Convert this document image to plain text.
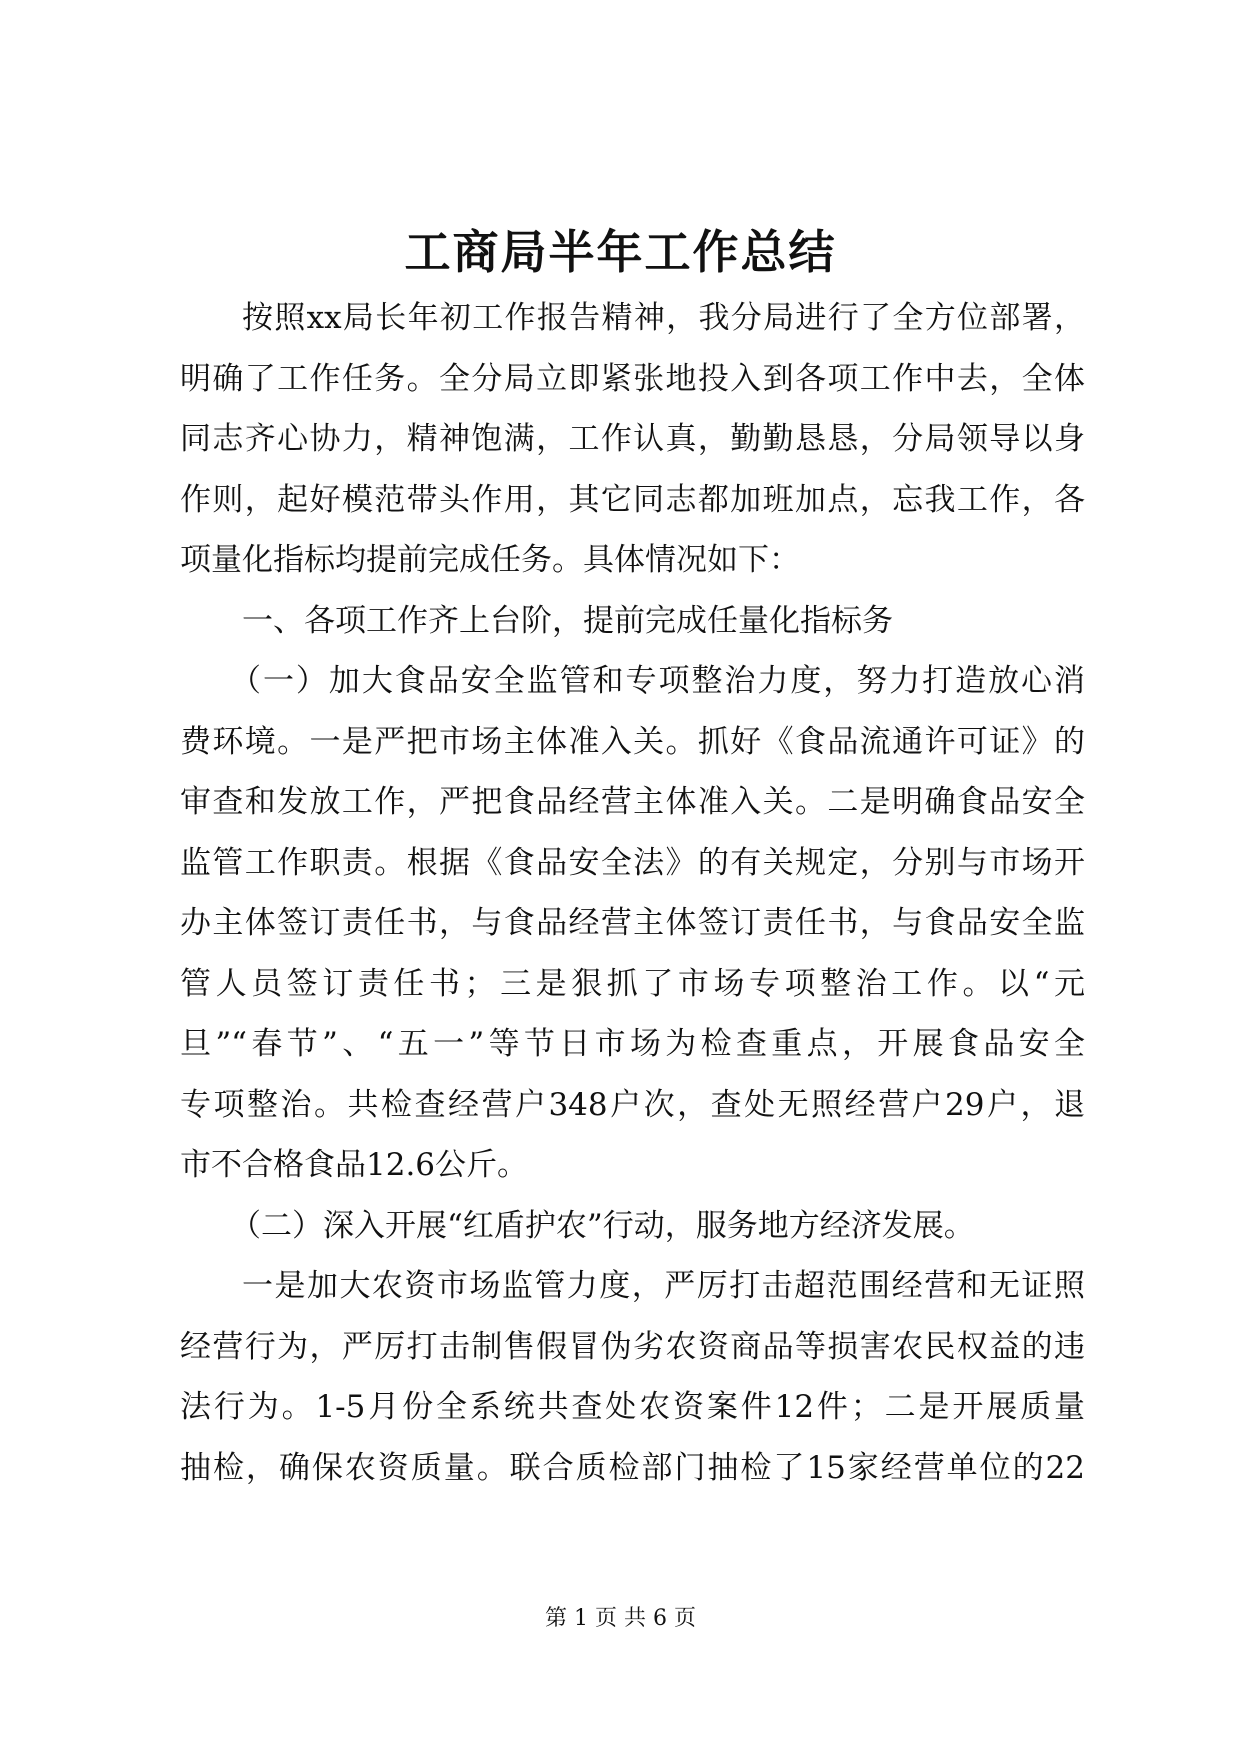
工商局半年工作总结
按照xx局长年初工作报告精神，我分局进行了全方位部署，
明确了工作任务。全分局立即紧张地投入到各项工作中去，全体
同志齐心协力，精神饱满，工作认真，勤勤恳恳，分局领导以身
作则，起好模范带头作用，其它同志都加班加点，忘我工作，各
项量化指标均提前完成任务。具体情况如下：
一、各项工作齐上台阶，提前完成任量化指标务
（一）加大食品安全监管和专项整治力度，努力打造放心消
费环境。一是严把市场主体准入关。抓好《食品流通许可证》的
审查和发放工作，严把食品经营主体准入关。二是明确食品安全
监管工作职责。根据《食品安全法》的有关规定，分别与市场开
办主体签订责任书，与食品经营主体签订责任书，与食品安全监
管人员签订责任书；三是狠抓了市场专项整治工作。以“元
旦”“春节”、“五一”等节日市场为检查重点，开展食品安全
专项整治。共检查经营户348户次，查处无照经营户29户，退
市不合格食品12.6公斤。
（二）深入开展“红盾护农”行动，服务地方经济发展。
一是加大农资市场监管力度，严厉打击超范围经营和无证照
经营行为，严厉打击制售假冒伪劣农资商品等损害农民权益的违
法行为。1-5月份全系统共查处农资案件12件；二是开展质量
抽检，确保农资质量。联合质检部门抽检了15家经营单位的22
第 1 页 共 6 页
